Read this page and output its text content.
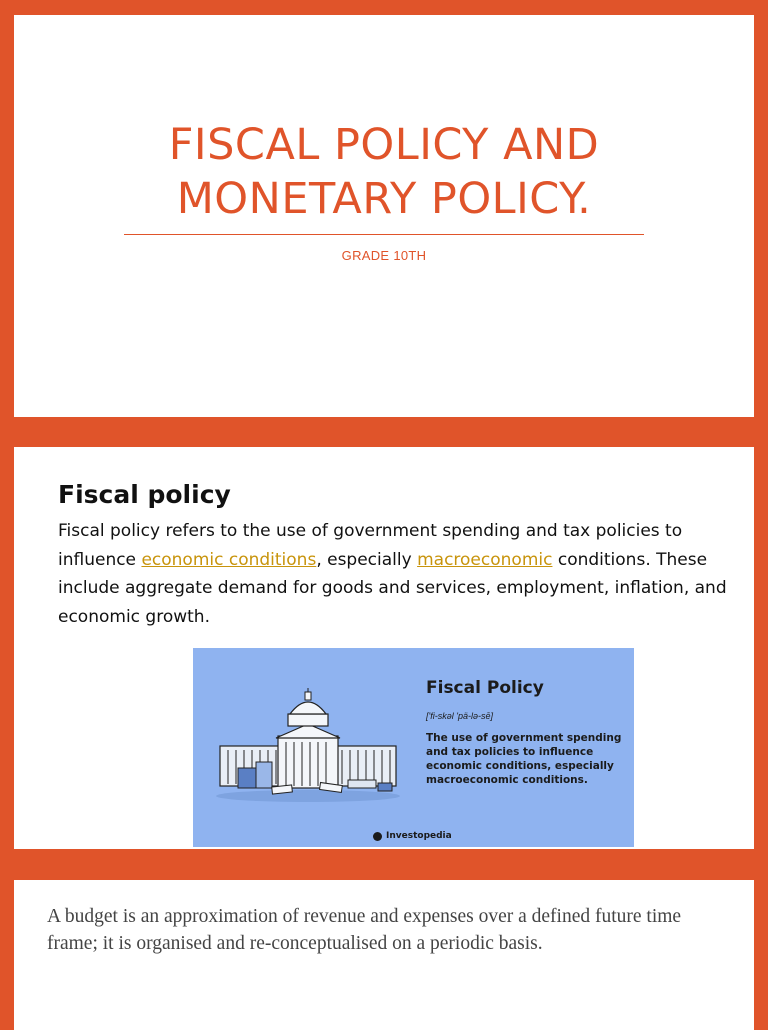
FISCAL POLICY AND
MONETARY POLICY.
GRADE 10TH
Fiscal policy
Fiscal policy refers to the use of government spending and tax policies to influence economic conditions, especially macroeconomic conditions. These include aggregate demand for goods and services, employment, inflation, and economic growth.
Fiscal Policy
['fi-skəl 'pä-lə-sē]
The use of government spending and tax policies to influence economic conditions, especially macroeconomic conditions.
Investopedia
A budget is an approximation of revenue and expenses over a defined future time frame; it is organised and re-conceptualised on a periodic basis.
